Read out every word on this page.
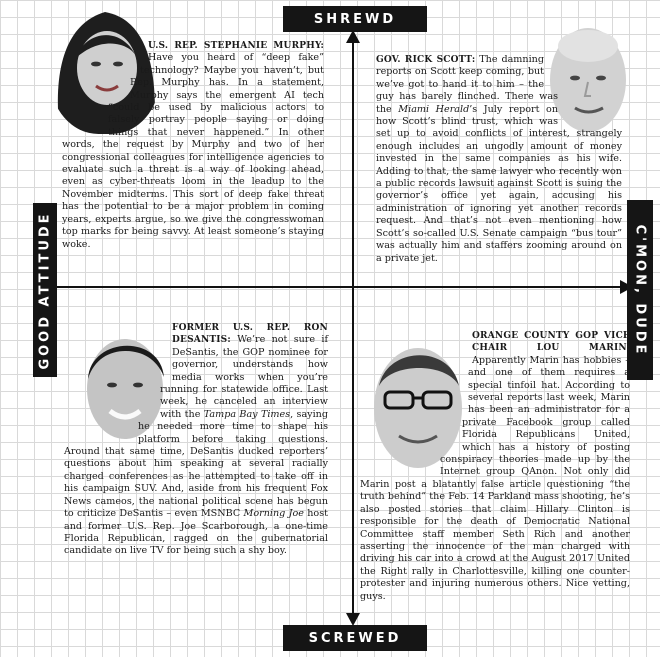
SHREWD
SCREWED
GOOD ATTITUDE	C'MON, DUDE
U.S. REP. STEPHANIE MURPHY: Have you heard of “deep fake” technology? Maybe you haven’t, but Rep. Murphy has. In a statement, Murphy says the emergent AI tech “could be used by malicious actors to falsely portray people saying or doing things that never happened.” In other words, the request by Murphy and two of her congressional colleagues for intelligence agencies to evaluate such a threat is a way of looking ahead, even as cyber-threats loom in the leadup to the November midterms. This sort of deep fake threat has the potential to be a major problem in coming years, experts argue, so we give the congresswoman top marks for being savvy. At least someone’s staying woke.
GOV. RICK SCOTT: The damning reports on Scott keep coming, but we’ve got to hand it to him – the guy has barely flinched. There was the Miami Herald’s July report on how Scott’s blind trust, which was set up to avoid conflicts of interest, strangely enough includes an ungodly amount of money invested in the same companies as his wife. Adding to that, the same lawyer who recently won a public records lawsuit against Scott is suing the governor’s office yet again, accusing his administration of ignoring yet another records request. And that’s not even mentioning how Scott’s so-called U.S. Senate campaign “bus tour” was actually him and staffers zooming around on a private jet.
FORMER U.S. REP. RON DESANTIS: We’re not sure if DeSantis, the GOP nominee for governor, understands how media works when you’re running for statewide office. Last week, he canceled an interview with the Tampa Bay Times, saying he needed more time to shape his platform before taking questions. Around that same time, DeSantis ducked reporters’ questions about him speaking at several racially charged conferences as he attempted to take off in his campaign SUV. And, aside from his frequent Fox News cameos, the national political scene has begun to criticize DeSantis – even MSNBC Morning Joe host and former U.S. Rep. Joe Scarborough, a one-time Florida Republican, ragged on the gubernatorial candidate on live TV for being such a shy boy.
ORANGE COUNTY GOP VICE CHAIR LOU MARIN: Apparently Marin has hobbies – and one of them requires a special tinfoil hat. According to several reports last week, Marin has been an administrator for a private Facebook group called Florida Republicans United, which has a history of posting conspiracy theories made up by the Internet group QAnon. Not only did Marin post a blatantly false article questioning “the truth behind” the Feb. 14 Parkland mass shooting, he’s also posted stories that claim Hillary Clinton is responsible for the death of Democratic National Committee staff member Seth Rich and another asserting the innocence of the man charged with driving his car into a crowd at the August 2017 United the Right rally in Charlottesville, killing one counter-protester and injuring numerous others. Nice vetting, guys.
